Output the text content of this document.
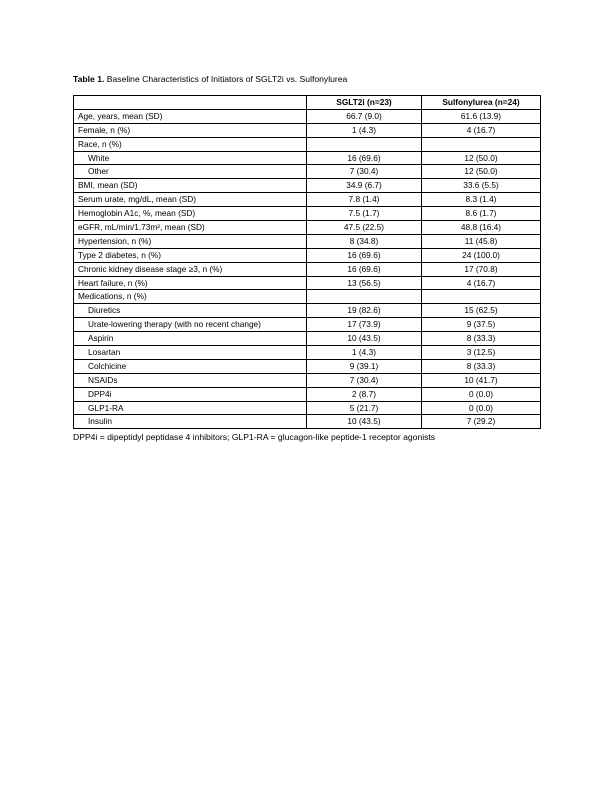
Table 1. Baseline Characteristics of Initiators of SGLT2i vs. Sulfonylurea
	SGLT2i (n=23)	Sulfonylurea (n=24)
Age, years, mean (SD)	66.7 (9.0)	61.6 (13.9)
Female, n (%)	1 (4.3)	4 (16.7)
Race, n (%)		
White	16 (69.6)	12 (50.0)
Other	7 (30.4)	12 (50.0)
BMI, mean (SD)	34.9 (6.7)	33.6 (5.5)
Serum urate, mg/dL, mean (SD)	7.8 (1.4)	8.3 (1.4)
Hemoglobin A1c, %, mean (SD)	7.5 (1.7)	8.6 (1.7)
eGFR, mL/min/1.73m², mean (SD)	47.5 (22.5)	48.8 (16.4)
Hypertension, n (%)	8 (34.8)	11 (45.8)
Type 2 diabetes, n (%)	16 (69.6)	24 (100.0)
Chronic kidney disease stage ≥3, n (%)	16 (69.6)	17 (70.8)
Heart failure, n (%)	13 (56.5)	4 (16.7)
Medications, n (%)		
Diuretics	19 (82.6)	15 (62.5)
Urate-lowering therapy (with no recent change)	17 (73.9)	9 (37.5)
Aspirin	10 (43.5)	8 (33.3)
Losartan	1 (4.3)	3 (12.5)
Colchicine	9 (39.1)	8 (33.3)
NSAIDs	7 (30.4)	10 (41.7)
DPP4i	2 (8.7)	0 (0.0)
GLP1-RA	5 (21.7)	0 (0.0)
Insulin	10 (43.5)	7 (29.2)
DPP4i = dipeptidyl peptidase 4 inhibitors; GLP1-RA = glucagon-like peptide-1 receptor agonists
